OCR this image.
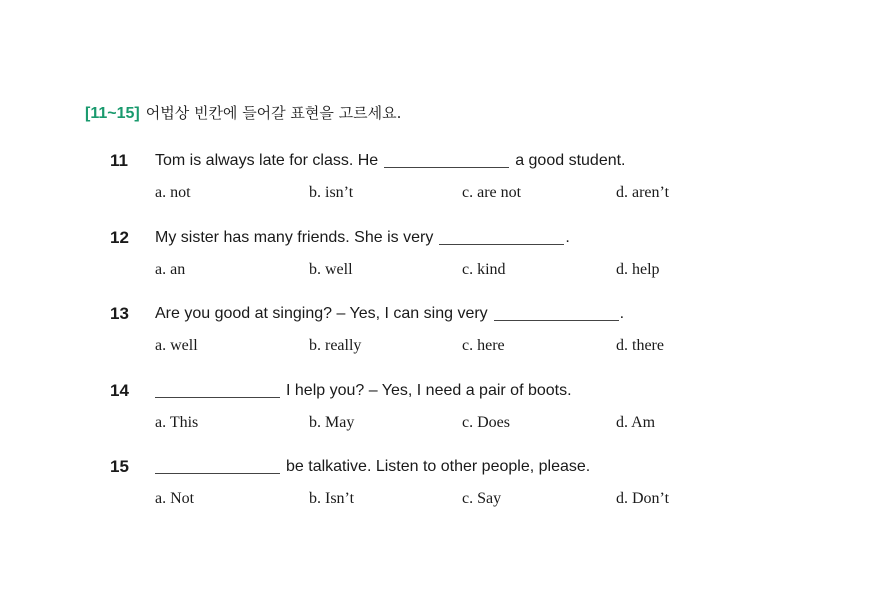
[11~15] 어법상 빈칸에 들어갈 표현을 고르세요.
11 Tom is always late for class. He	a good student.
a. not	b. isn’t	c. are not	d. aren’t
12 My sister has many friends. She is very	.
a. an	b. well	c. kind	d. help
13 Are you good at singing? – Yes, I can sing very	.
a. well	b. really	c. here	d. there
14	I help you? – Yes, I need a pair of boots.
a. This	b. May	c. Does	d. Am
15	be talkative. Listen to other people, please.
a. Not	b. Isn’t	c. Say	d. Don’t
